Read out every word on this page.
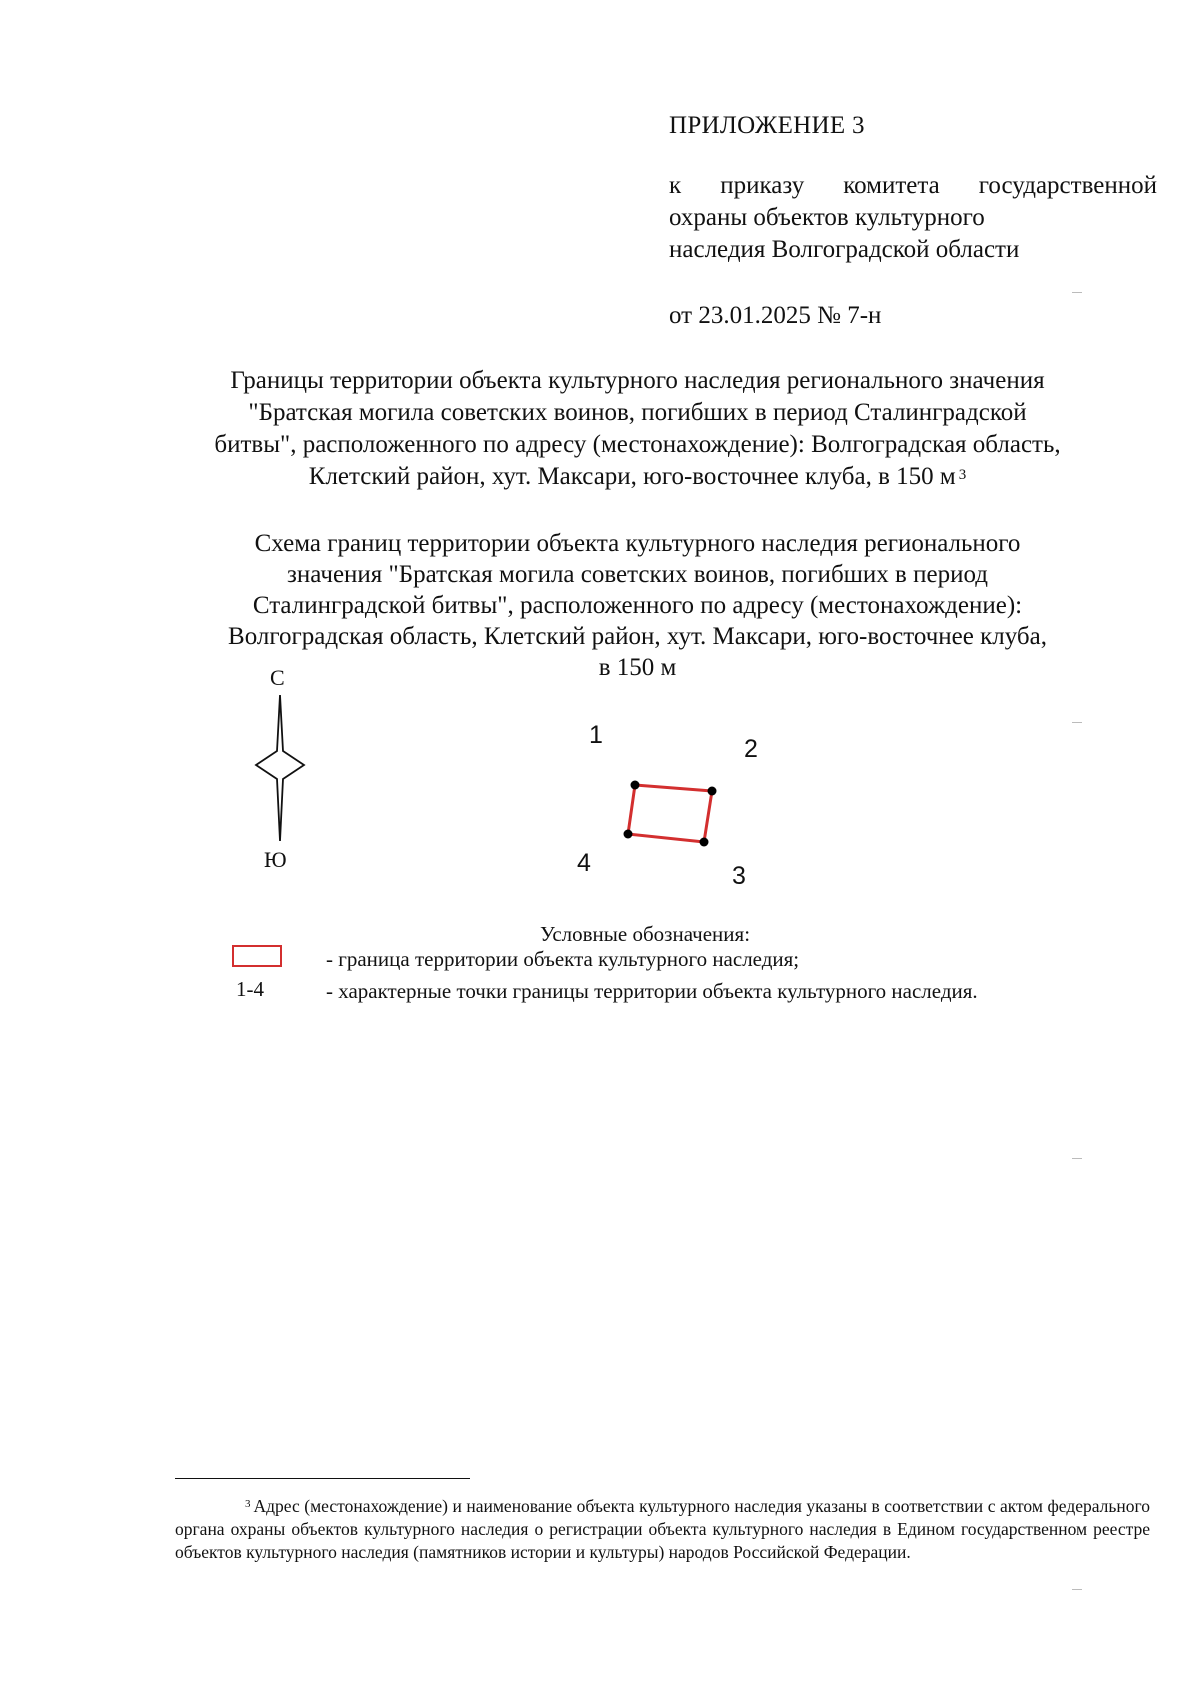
ПРИЛОЖЕНИЕ 3
к приказу комитета государственной
охраны объектов культурного
наследия Волгоградской области
от 23.01.2025 № 7-н
Границы территории объекта культурного наследия регионального значения
"Братская могила советских воинов, погибших в период Сталинградской
битвы", расположенного по адресу (местонахождение): Волгоградская область,
Клетский район, хут. Максари, юго-восточнее клуба, в 150 м $^3$
Схема границ территории объекта культурного наследия регионального
значения "Братская могила советских воинов, погибших в период
Сталинградской битвы", расположенного по адресу (местонахождение):
Волгоградская область, Клетский район, хут. Максари, юго-восточнее клуба,
в 150 м
С
Ю
1	2
3
4
Условные обозначения:
1-4
- граница территории объекта культурного наследия;
- характерные точки границы территории объекта культурного наследия.
$^3$ Адрес (местонахождение) и наименование объекта культурного наследия указаны в соответствии с актом федерального органа охраны объектов культурного наследия о регистрации объекта культурного наследия в Едином государственном реестре объектов культурного наследия (памятников истории и культуры) народов Российской Федерации.
